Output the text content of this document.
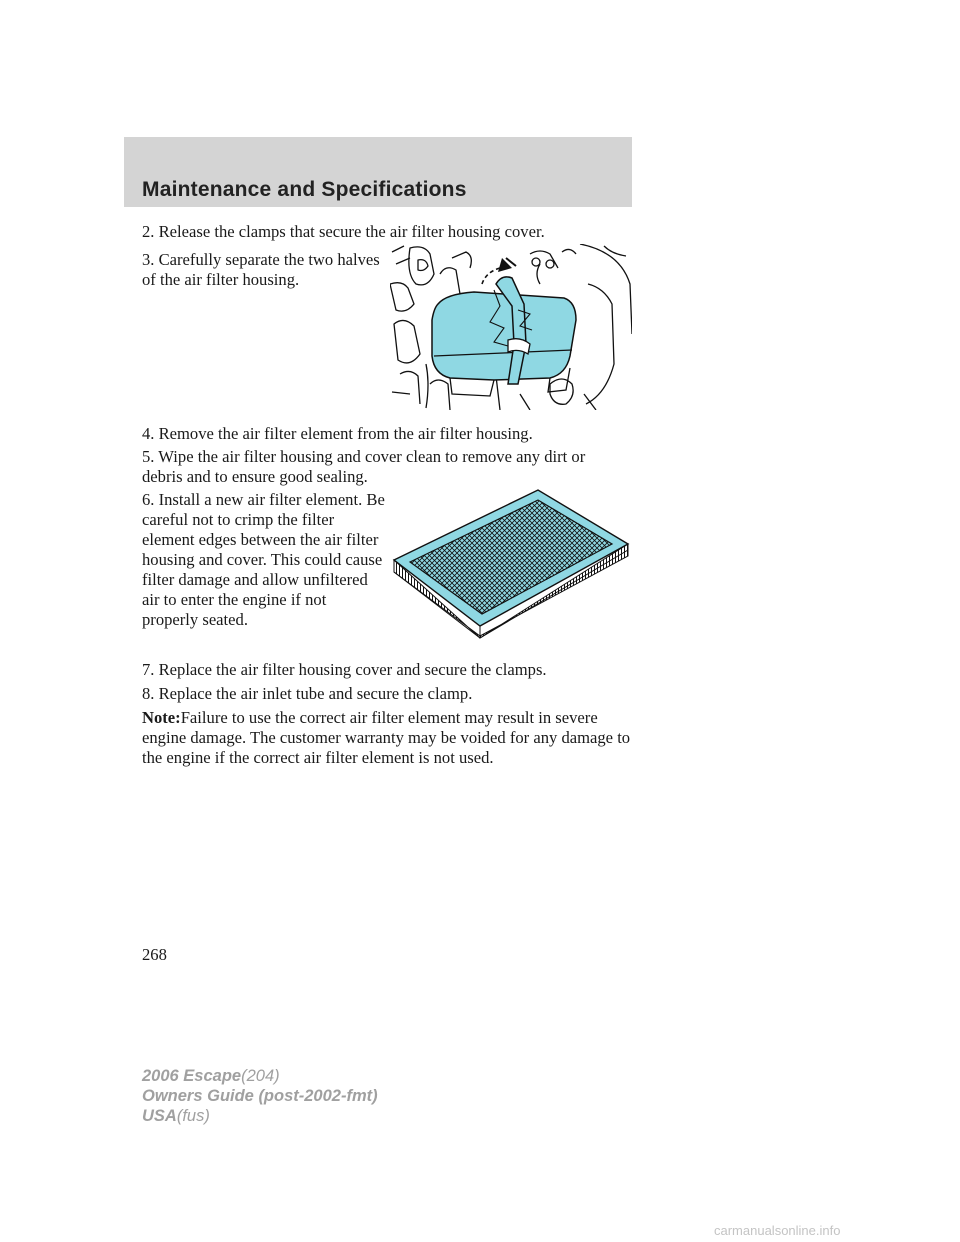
Maintenance and Specifications

2. Release the clamps that secure the air filter housing cover.

3. Carefully separate the two halves
of the air filter housing.

4. Remove the air filter element from the air filter housing.

5. Wipe the air filter housing and cover clean to remove any dirt or
debris and to ensure good sealing.

6. Install a new air filter element. Be
careful not to crimp the filter
element edges between the air filter
housing and cover. This could cause
filter damage and allow unfiltered
air to enter the engine if not
properly seated.

7. Replace the air filter housing cover and secure the clamps.

8. Replace the air inlet tube and secure the clamp.

Note:Failure to use the correct air filter element may result in severe
engine damage. The customer warranty may be voided for any damage to
the engine if the correct air filter element is not used.

268
2006 Escape(204)
Owners Guide (post-2002-fmt)
USA(fus)
carmanualsonline.info
